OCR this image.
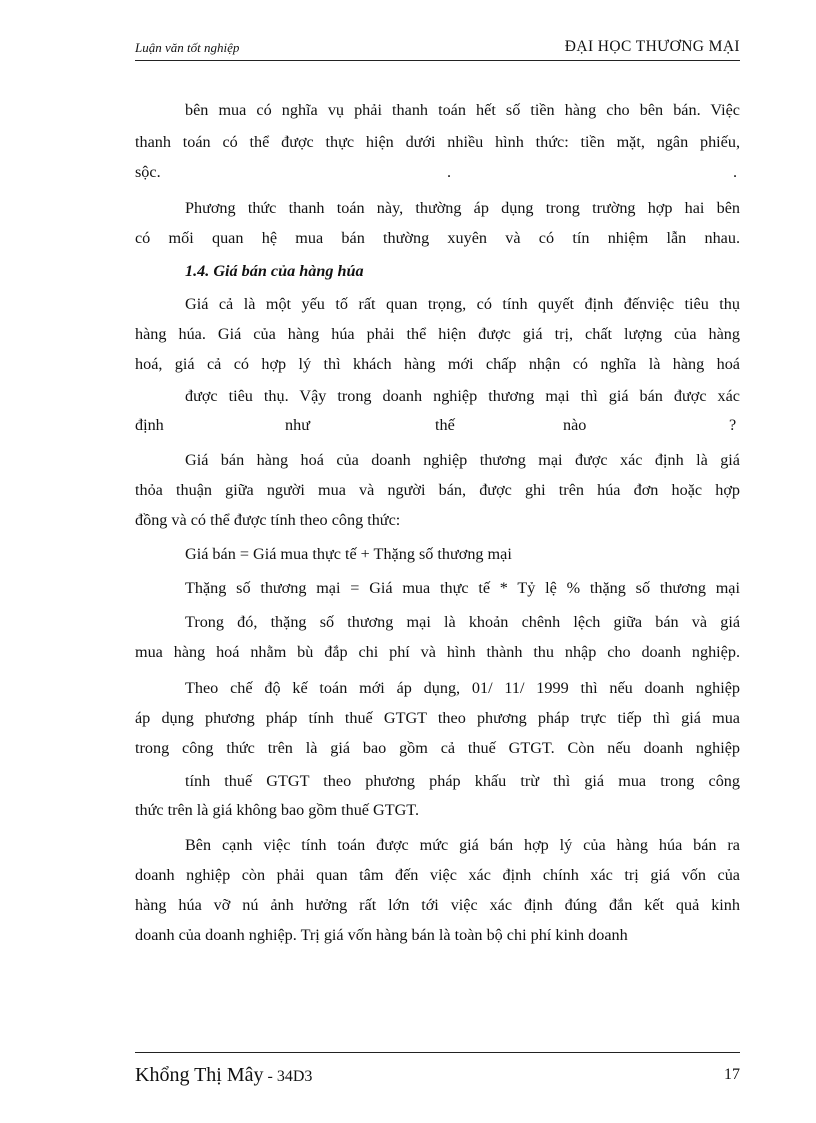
Luận văn tốt nghiệp	ĐẠI HỌC THƯƠNG MẠI
bên mua có nghĩa vụ phải thanh toán hết số tiền hàng cho bên bán. Việc
thanh toán có thể được thực hiện dưới nhiều hình thức: tiền mặt, ngân phiếu,
sộc.	.	.
Phương thức thanh toán này, thường áp dụng trong trường hợp hai bên
có mối quan hệ mua bán thường xuyên và có tín nhiệm lẫn nhau.
1.4. Giá bán của hàng húa
Giá cả là một yếu tố rất quan trọng, có tính quyết định đếnviệc tiêu thụ
hàng húa. Giá của hàng húa phải thể hiện được giá trị, chất lượng của hàng
hoá, giá cả có hợp lý thì khách hàng mới chấp nhận có nghĩa là hàng hoá
được tiêu thụ. Vậy trong doanh nghiệp thương mại thì giá bán được xác
định	như	thế	nào	?
Giá bán hàng hoá của doanh nghiệp thương mại được xác định là giá
thỏa thuận giữa người mua và người bán, được ghi trên húa đơn hoặc hợp
đồng và có thể được tính theo công thức:
Giá bán = Giá mua thực tế + Thặng số thương mại
Thặng số thương mại = Giá mua thực tế * Tỷ lệ % thặng số thương mại
Trong đó, thặng số thương mại là khoản chênh lệch giữa bán và giá
mua hàng hoá nhằm bù đắp chi phí và hình thành thu nhập cho doanh nghiệp.
Theo chế độ kế toán mới áp dụng, 01/ 11/ 1999 thì nếu doanh nghiệp
áp dụng phương pháp tính thuế GTGT theo phương pháp trực tiếp thì giá mua
trong công thức trên là giá bao gồm cả thuế GTGT. Còn nếu doanh nghiệp
tính thuế GTGT theo phương pháp khấu trừ thì giá mua trong công
thức trên là giá không bao gồm thuế GTGT.
Bên cạnh việc tính toán được mức giá bán hợp lý của hàng húa bán ra
doanh nghiệp còn phải quan tâm đến việc xác định chính xác trị giá vốn của
hàng húa vỡ nú ảnh hưởng rất lớn tới việc xác định đúng đắn kết quả kinh
doanh của doanh nghiệp. Trị giá vốn hàng bán là toàn bộ chi phí kinh doanh
Khổng Thị Mây - 34D3	17
